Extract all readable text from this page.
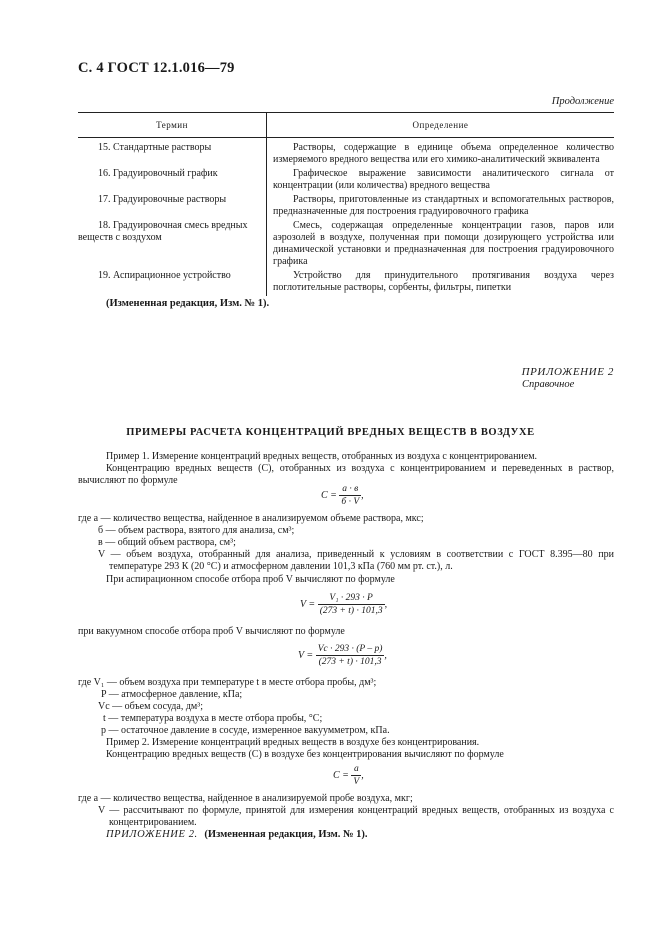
С. 4 ГОСТ 12.1.016—79
Продолжение
Термин	Определение
15. Стандартные растворы	Растворы, содержащие в единице объема определенное количество измеряемого вредного вещества или его химико-аналитический эквивалента
16. Градуировочный график	Графическое выражение зависимости аналитического сигнала от концентрации (или количества) вредного вещества
17. Градуировочные растворы	Растворы, приготовленные из стандартных и вспомогательных растворов, предназначенные для построения градуировочного графика
18. Градуировочная смесь вредных веществ с воздухом	Смесь, содержащая определенные концентрации газов, паров или аэрозолей в воздухе, полученная при помощи дозирующего устройства или динамической установки и предназначенная для построения градуировочного графика
19. Аспирационное устройство	Устройство для принудительного протягивания воздуха через поглотительные растворы, сорбенты, фильтры, пипетки
(Измененная редакция, Изм. № 1).
ПРИЛОЖЕНИЕ 2
Справочное
ПРИМЕРЫ РАСЧЕТА КОНЦЕНТРАЦИЙ ВРЕДНЫХ ВЕЩЕСТВ В ВОЗДУХЕ
Пример 1. Измерение концентраций вредных веществ, отобранных из воздуха с концентрированием.
Концентрацию вредных веществ (С), отобранных из воздуха с концентрированием и переведенных в раствор, вычисляют по формуле
$C = \frac{a \cdot в}{б \cdot V}$ ,
где a — количество вещества, найденное в анализируемом объеме раствора, мкс;
б — объем раствора, взятого для анализа, см³;
в — общий объем раствора, см³;
V — объем воздуха, отобранный для анализа, приведенный к условиям в соответствии с ГОСТ 8.395—80 при температуре 293 К (20 °С) и атмосферном давлении 101,3 кПа (760 мм рт. ст.), л.
При аспирационном способе отбора проб V вычисляют по формуле
$V = \frac{\text{V₁ · 293 · P}}{(273 + t) \cdot 101,3}$ ,
при вакуумном способе отбора проб V вычисляют по формуле
$V = \frac{Vс \cdot 293 \cdot (P - p)}{(273 + t) \cdot 101,3}$ ,
где V₁ — объем воздуха при температуре t в месте отбора пробы, дм³;
P — атмосферное давление, кПа;
Vс — объем сосуда, дм³;
t — температура воздуха в месте отбора пробы, °С;
p — остаточное давление в сосуде, измеренное вакуумметром, кПа.
Пример 2. Измерение концентраций вредных веществ в воздухе без концентрирования.
Концентрацию вредных веществ (С) в воздухе без концентрирования вычисляют по формуле
$C = \frac{a}{V}$ ,
где a — количество вещества, найденное в анализируемой пробе воздуха, мкг;
V — рассчитывают по формуле, принятой для измерения концентраций вредных веществ, отобранных из воздуха с концентрированием.
ПРИЛОЖЕНИЕ 2. (Измененная редакция, Изм. № 1).
